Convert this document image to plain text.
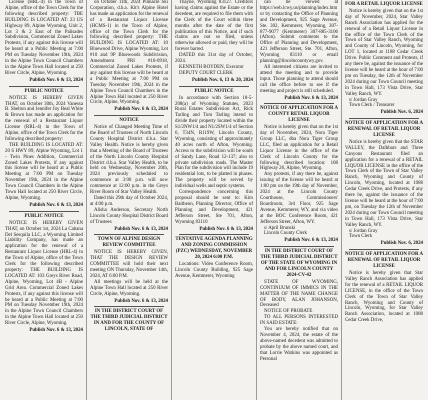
License (HRL-4) in the Town of Alpine, office of the Town Clerk for the following described property: TBE BUILDING IS LOCATED AT: 23 US Highway 89, Alpine Wyoming, Unit 2, Lot 3 & 2 East of the Palisades Subdivision, Commercial Zoned Lakes Protests, if any against this license will be heard at a Public Meeting at 7:00 PM on Tuesday November 19th, 2024 in the Alpine Town Council Chambers in the Alpine Town Hall located at 250 River Circle, Alpine, Wyoming.

Publish Nov. 6 & 13, 2024
PUBLIC NOTICE

NOTICE IS HEREBY GIVEN THAT, on October 30th, 2024 Vanessa B. Shelton and Jennifer Joy Beal White & Brown has made an application for the renewal of a Restaurant Liquor License (RRL-4) in the Town of Alpine, office of the Town Clerk for the following described property:

THE BUILDING IS LOCATED AT: 20 S HWY 89, Alpine Wyoming, Lot 1 - Twin Pines Addition, Commercial Zoned Lakes Protests, if any against this license will be heard at a Public Meeting at 7:00 PM on Tuesday November 19th, 2024 in the Alpine Town Council Chambers in the Alpine Town Hall located at 250 River Circle, Alpine, Wyoming.

Publish Nov. 6 & 13, 2024
PUBLIC NOTICE

NOTICE IS HEREBY GIVEN THAT, on October 1st, 2024 La Cabana Del Sesquila LLC, a Wyoming Limited Liability Company, has made an application for the renewal of a Restaurant Liquor License (HRL-4) in the Town of Alpine, office of the Town Clerk for the following described property: THE BUILDING IS LOCATED AT: 103 Greys River Road, Alpine, Wyoming, Lot 4B - Alpine Grid Area. Commercial Zoned Lakes Protests, if any against this license will be heard at a Public Meeting at 7:00 PM on Tuesday November 19th, 2024 in the Alpine Town Council Chambers in the Alpine Town Hall located at 250 River Circle, Alpine, Wyoming.

Publish Nov. 6 & 13, 2024

on October 11th, 2024 Pinnacle Ski Corporation, d.b.a. Kit's Alpine Hotel has made an application for the renewal of a Restaurant Liquor License (HCMS-1) in the Town of Alpine, office of the Town Clerk for the following described property: THE BUILDING IS LOCATED AT: 10 Bluewood Drive, Alpine Wyoming, Lot #10 and 9P Bluewoods Subdivision, Amendment PRI #10-0918, Commercial Zoned Lakes Protests, if any against this license will be heard at a Public Meeting at 7:00 PM on Tuesday November 19th, 2024 in the Alpine Town Council Chambers in the Alpine Town Hall located at 250 River Circle, Alpine, Wyoming.

Publish Nov. 6 & 13, 2024
NOTICE

Notice of Changed Meeting Time of the Board of Trustees of North Lincoln County Hospital District d.b.a. Star Valley Health. Notice is hereby given that a Meeting of the Board of Trustees of the North Lincoln County Hospital District d.b.a. Star Valley Health, to be held on Wednesday, November 20th, 2024 previously scheduled to commence at 3:00 p.m. will now commence at 12:00 p.m. in the Greys River Room of Star Valley Health.

Dated this 29th day of October 2024, at 4:00 p.m.

Alisha Anderson, Secretary North Lincoln County Hospital District Board of Trustees

Publish Nov. 6 & 13, 2024
TOWN OF ALPINE DESIGN REVIEW COMMITTEE

NOTICE IS HEREBY GIVEN, THAT THE DESIGN REVIEW COMMITTEE will hold their next meeting ON Thursday, November 14th, 2024, AT 6:00 P.M.

All meetings will be held at the Alpine Town Hall located at 250 River Circle, Alpine, Wyoming.

Publish Nov. 6 & 13, 2024
IN THE DISTRICT COURT OF THE THIRD JUDICIAL DISTRICT IN AND FOR THE COUNTY OF LINCOLN, STATE OF

Thayne, Wyoming 83127. Creditors having claims against the Estate or the decedent, are required to file them with the Clerk of the Court within three months after the date of the first publication of this Notice, and if such claims are not so filed, unless otherwise allowed or paid, they will be forever barred.

DATED this 31st day of October, 2024.

KENNETH BOYDEN, Executor

DEPUTY COURT CLERK

Publish Nov. 6, 13 & 20, 2024
PUBLIC NOTICE

In accordance with Section 18-5-208(a) of Wyoming Statutes, 2023 Rural Estates Subdivision Act, Rick Tarling and Tom Tarling intend to divide their property located within the S1/2NW1/4 and N1/2SW1/4 of Section 6, T34N, R119W, Lincoln County, Wyoming, consisting of approximately 40 acres north of Afton, Wyoming. Access to the subdivision will be south of Sandy Lane, Road 12-137; also to private subdivision roads. The Master Plan for the subdivision will include 19 residential lots, to be platted in phases. The property will be served by individual wells and septic systems.

Correspondence concerning this proposal should be sent to: Kim Baitheon, Planning Director, Office of Planning and Development, 421 Jefferson Street, Ste 701, Afton, Wyoming 83110

Publish Nov. 6 & 13, 2024
TENTATIVE AGENDA PLANNING AND ZONING COMMISSION (PZC) WEDNESDAY, NOVEMBER 20, 2024 6:00 P.M.

Locations: Video Conference Room, Lincoln County Building, 925 Sage Avenue, Kemmerer, Wyoming

can be viewed at https://web.lcwy.us/planning/index.htm or by contacting the Office of Planning and Development, 925 Sage Avenue, Ste. 302, Kemmerer, Wyoming, 307-877-9077 (Kemmerer) 307-885-3106 (Afton). Submit comments to the Office of Planning and Development, 421 Jefferson Street, Ste. 701, Afton, Wyoming 83110 or email planning@lincolncountywy.gov.

All interested citizens are invited to attend the meeting and to provide input. Those planning to attend should call the office before to see if the meeting and project is still scheduled.

Publish Nov. 6 & 13, 2024
NOTICE OF APPLICATION FOR A COUNTY RETAIL LIQUOR LICENSE

Notice is hereby given that on the 1st day of November, 2024, Nora Tiger Group LLC, dba Nora Tiger Group LLC, filed an application for a Retail Liquor License in the office of the Clerk of Lincoln County for the following described location: 108 Highway 26, Alpine, Wyoming.

Any protests, if any there be, against issuing of the license will be heard at 1:00 pm on the 19th day of November, 2024 at the Lincoln County Courthouse, Commissioners' Boardroom, 3rd Floor, 925 Sage Avenue, Kemmerer, WY, and via video at the BOC Conference Room, 421 Jefferson Street, Afton, WY.

s/ April Brunski

Lincoln County Clerk

Publish Nov. 6 & 13, 2024
IN THE DISTRICT COURT OF THE THIRD JUDICIAL DISTRICT OF THE STATE OF WYOMING IN AND FOR LINCOLN COUNTY 2024-CV-42

STATE OF WYOMING, CONTINUUM OF IMMICS IN THE MATTER OF THE NAME CHANGE OF BODY, ALAN JOHANSON, Deceased

NOTICE OF PROBATE

TO ALL PERSONS INTERESTED IN SAID ESTATE:

You are hereby notified that on November 4, 2024, the estate of the above-named decedent was admitted to probate by the above named court, and that Lorrie Watkins was appointed as Personal

FOR A RETAIL LIQUOR LICENSE

Notice is hereby given that on the 1st day of November, 2024, Star Valley Ranch Association has applied for the renewal of a Retail Liquor License in the office of the Town Clerk of the Town of Star Valley Ranch, Wyoming and County of Lincoln, Wyoming, for LOT 1, located at 1188 Cedar Creek Drive. Public Comment and Protests, if any there be, against the issuance of the license will be heard at the hour of 7:00 pm on Tuesday, the 12th of November 2024 during our Town Council meeting in Town Hall, 173 Vista Drive, Star Valley Ranch, WY.

s/ Jordan Gray

Town Clerk / Treasurer

Publish Nov. 6, 2024
NOTICE OF APPLICATION FOR A RENEWAL OF RETAIL LIQUOR LICENSE

Notice is hereby given that the STAR VALLEY, the Dalbbars and Three Canyons Restaurant filed an application for a renewal of a RETAIL LIQUOR LICENSE in the office of the Town Clerk of the Town of Star Valley Ranch, Wyoming and County of Lincoln, Wyoming, located at 1088 Cedar Creek Drive, and Protests, if any there be, against the issuance of the license will be heard at the hour of 7:00 pm, on Tuesday the 12th of November 2024 during our Town Council meeting in Town Hall, 173 Vista Drive, Star Valley Ranch, WY.

s/ Jordan Gray

Town Clerk

Publish Nov. 6, 2024
NOTICE OF APPLICATION FOR A RENEWAL OF RETAIL LIQUOR LICENSE

Notice is hereby given that Star Valley Ranch Association has applied for the renewal of a RETAIL LIQUOR LICENSE, in the office of the Town Clerk of the Town of Star Valley Ranch, Wyoming and County of Lincoln, Wyoming, for Star Valley Ranch Association, located at 1088 Cedar Creek Drive,
